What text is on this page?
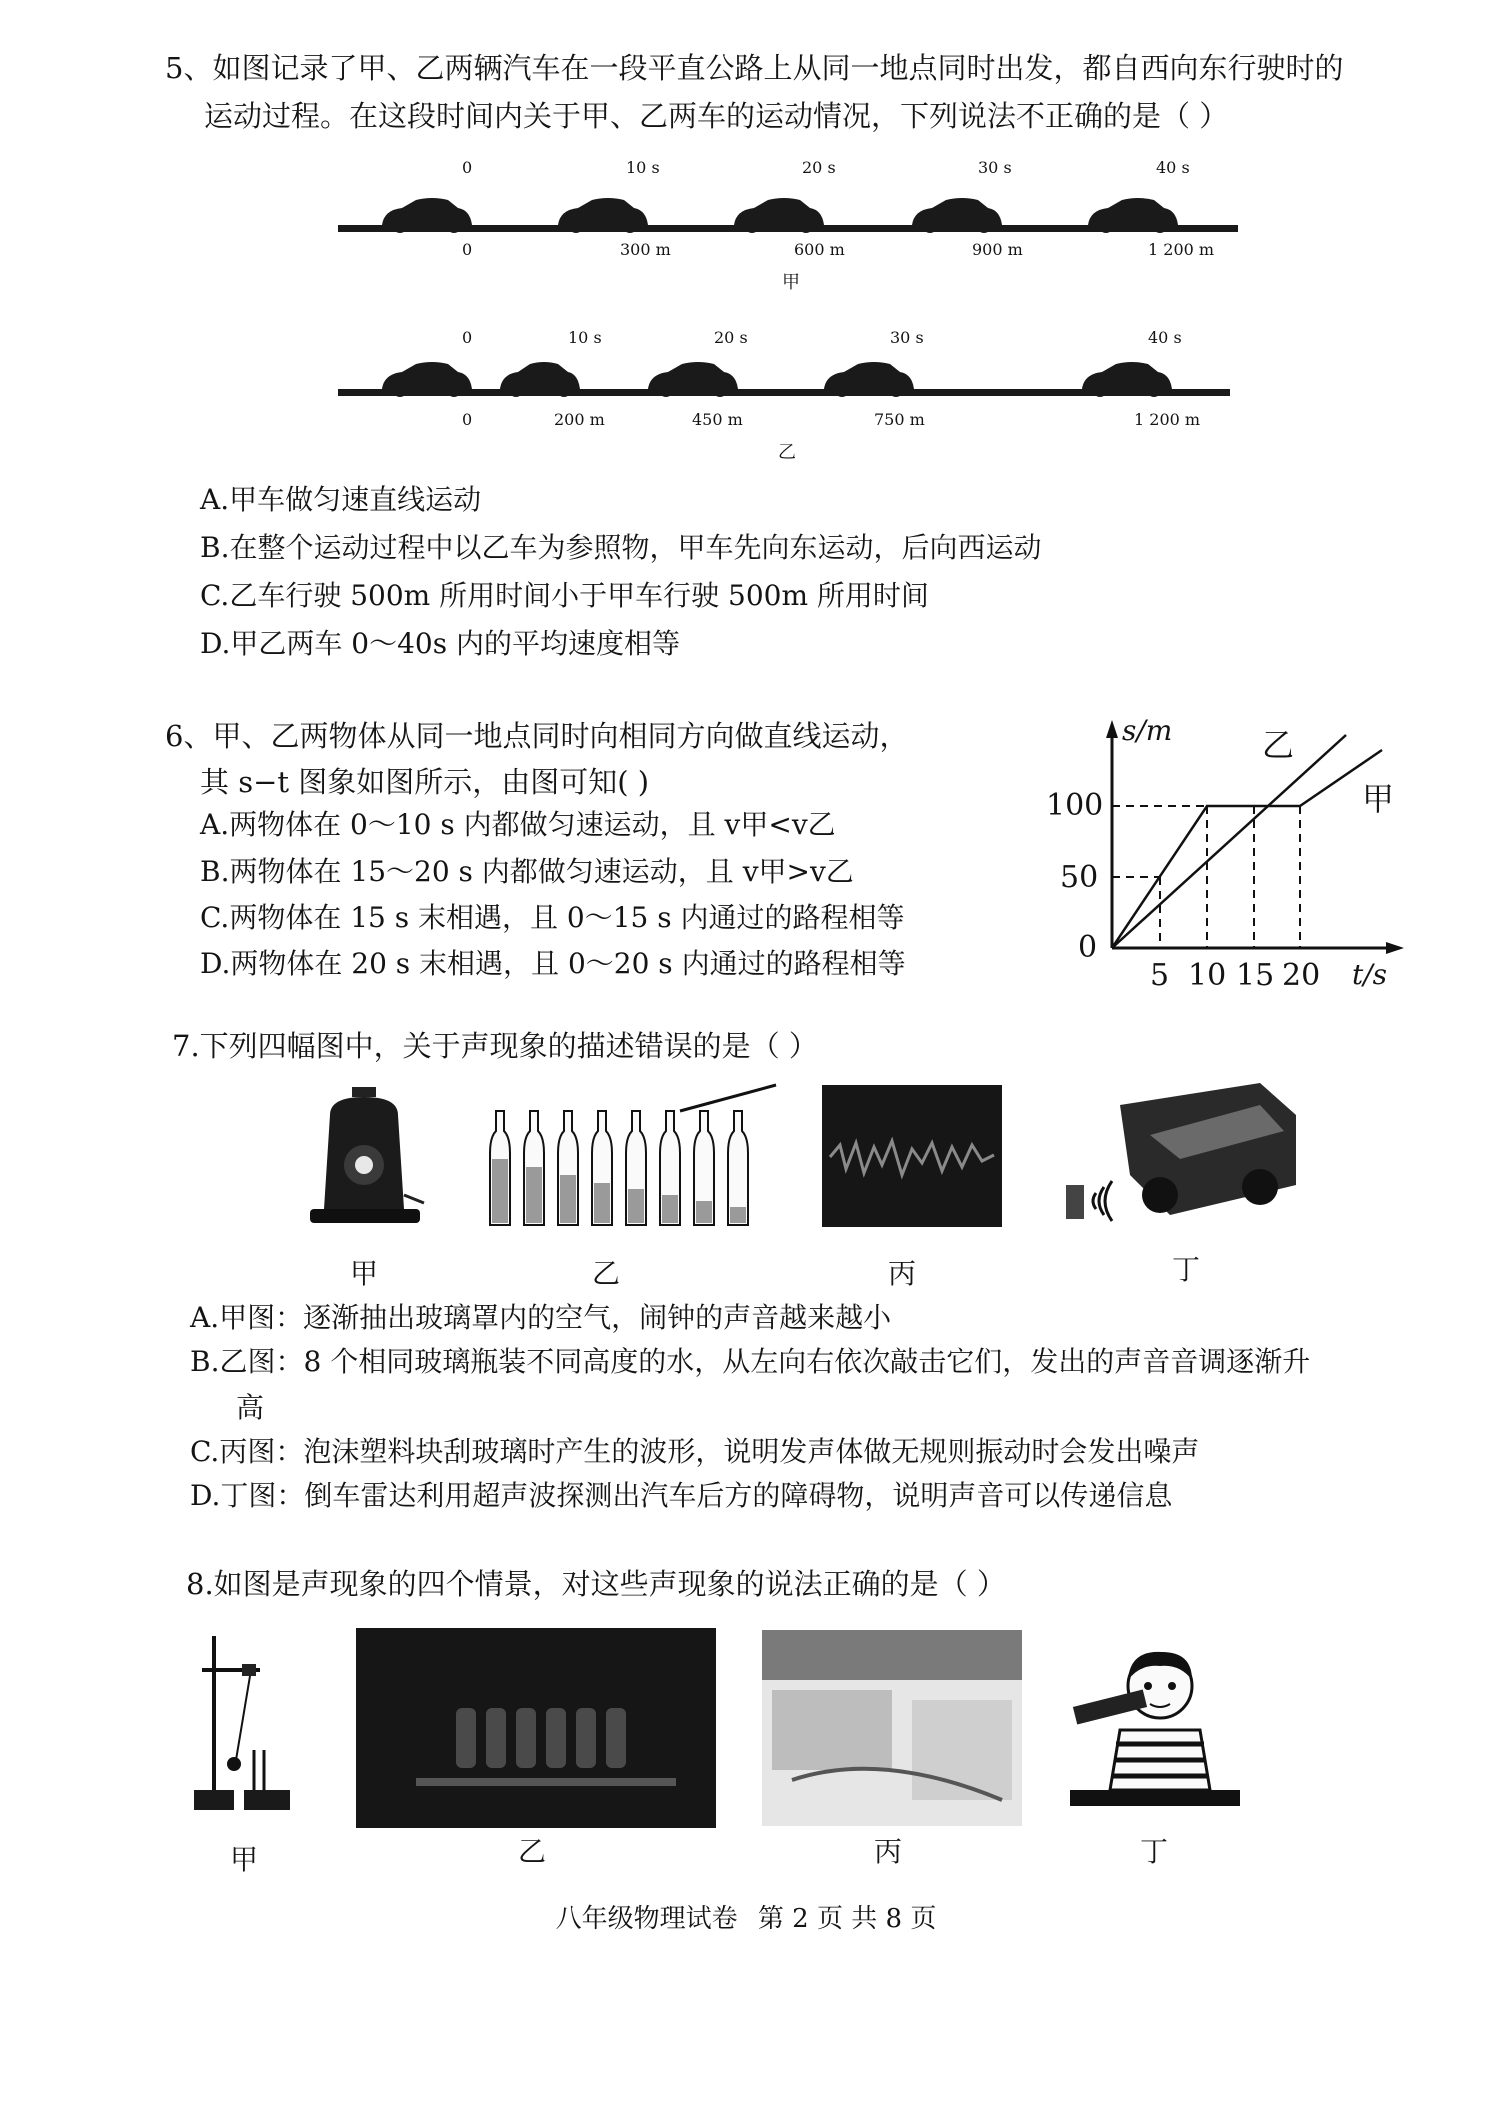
5、如图记录了甲、乙两辆汽车在一段平直公路上从同一地点同时出发，都自西向东行驶时的
运动过程。在这段时间内关于甲、乙两车的运动情况，下列说法不正确的是（ ）
0	10 s	20 s	30 s	40 s
0	300 m	600 m	900 m	1 200 m
甲
0	10 s	20 s	30 s	40 s
0	200 m	450 m	750 m	1 200 m
乙
A.甲车做匀速直线运动
B.在整个运动过程中以乙车为参照物，甲车先向东运动，后向西运动
C.乙车行驶 500m 所用时间小于甲车行驶 500m 所用时间
D.甲乙两车 0～40s 内的平均速度相等
6、甲、乙两物体从同一地点同时向相同方向做直线运动，
其 s−t 图象如图所示，由图可知( )
A.两物体在 0～10 s 内都做匀速运动，且 v甲<v乙
B.两物体在 15～20 s 内都做匀速运动，且 v甲>v乙
C.两物体在 15 s 末相遇，且 0～15 s 内通过的路程相等
D.两物体在 20 s 末相遇，且 0～20 s 内通过的路程相等
s/m
t/s
100
50
0
5 10 15 20
乙
甲
7.下列四幅图中，关于声现象的描述错误的是（ ）
甲	乙	丙	丁
A.甲图：逐渐抽出玻璃罩内的空气，闹钟的声音越来越小
B.乙图：8 个相同玻璃瓶装不同高度的水，从左向右依次敲击它们，发出的声音音调逐渐升
高
C.丙图：泡沫塑料块刮玻璃时产生的波形，说明发声体做无规则振动时会发出噪声
D.丁图：倒车雷达利用超声波探测出汽车后方的障碍物，说明声音可以传递信息
8.如图是声现象的四个情景，对这些声现象的说法正确的是（ ）
甲	乙	丙	丁
八年级物理试卷 第 2 页 共 8 页
